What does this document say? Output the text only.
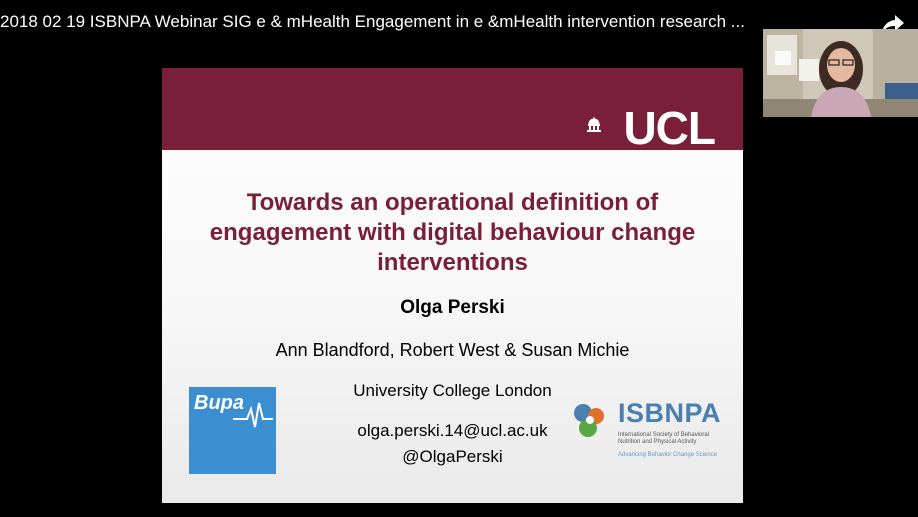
2018 02 19 ISBNPA Webinar SIG e & mHealth Engagement in e &mHealth intervention research ...
UCL
Towards an operational definition of
engagement with digital behaviour change
interventions
Olga Perski
Ann Blandford, Robert West & Susan Michie
University College London
olga.perski.14@ucl.ac.uk
@OlgaPerski
Bupa	ISBNPA
International Society of Behavioral Nutrition and Physical Activity
Advancing Behavior Change Science
